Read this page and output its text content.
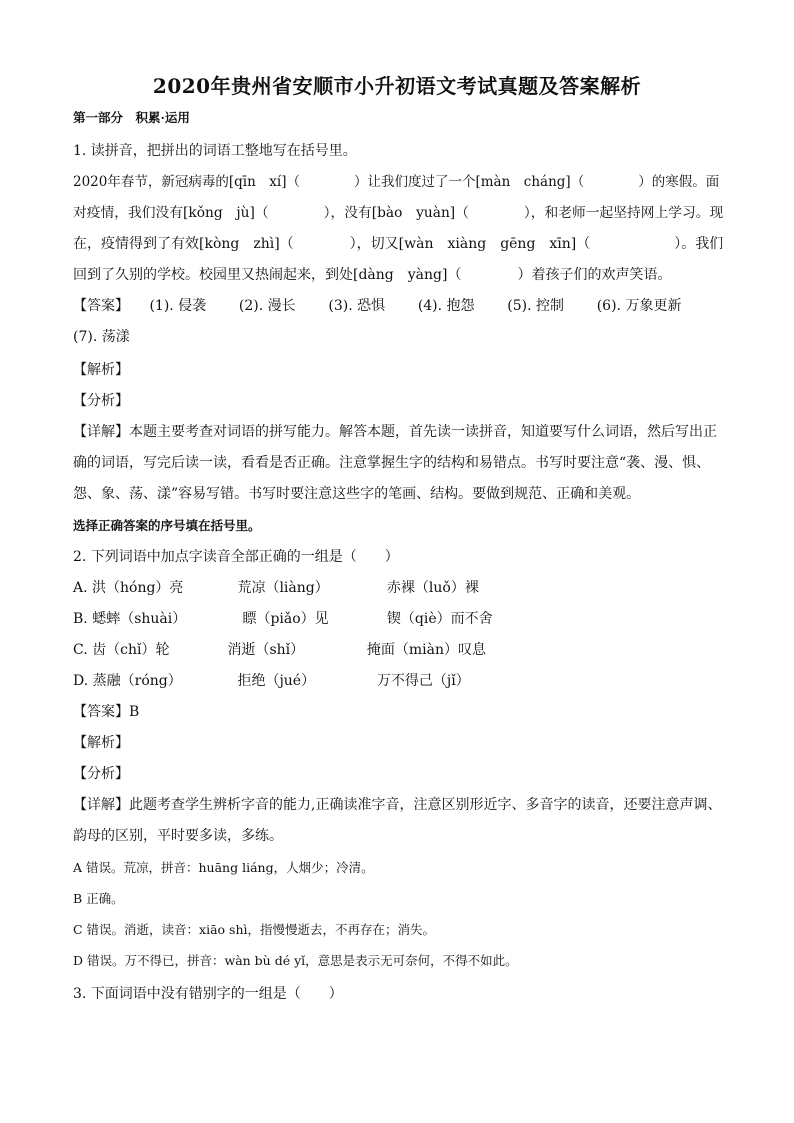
2020年贵州省安顺市小升初语文考试真题及答案解析
第一部分　积累·运用
1. 读拼音，把拼出的词语工整地写在括号里。
2020年春节，新冠病毒的[qīn　xí]（　　　　）让我们度过了一个[màn　cháng]（　　　　）的寒假。面
对疫情，我们没有[kǒng　jù]（　　　　），没有[bào　yuàn]（　　　　），和老师一起坚持网上学习。现
在，疫情得到了有效[kòng　zhì]（　　　　），切又[wàn　xiàng　gēng　xīn]（　　　　　　）。我们
回到了久别的学校。校园里又热闹起来，到处[dàng　yàng]（　　　　）着孩子们的欢声笑语。
【答案】 (1). 侵袭 (2). 漫长 (3). 恐惧 (4). 抱怨 (5). 控制 (6). 万象更新
(7). 荡漾
【解析】
【分析】
【详解】本题主要考查对词语的拼写能力。解答本题，首先读一读拼音，知道要写什么词语，然后写出正
确的词语，写完后读一读，看看是否正确。注意掌握生字的结构和易错点。书写时要注意“袭、漫、惧、
怨、象、荡、漾”容易写错。书写时要注意这些字的笔画、结构。要做到规范、正确和美观。
选择正确答案的序号填在括号里。
2. 下列词语中加点字读音全部正确的一组是（　　）
A. 洪（hóng）亮	荒凉（liàng）	赤裸（luǒ）裸
B. 蟋蟀（shuài）	瞟（piǎo）见	锲（qiè）而不舍
C. 齿（chǐ）轮	消逝（shǐ）	掩面（miàn）叹息
D. 蒸融（róng）	拒绝（jué）	万不得己（jǐ）
【答案】B
【解析】
【分析】
【详解】此题考查学生辨析字音的能力,正确读准字音，注意区别形近字、多音字的读音，还要注意声调、
韵母的区别，平时要多读，多练。
A 错误。荒凉，拼音：huāng liáng，人烟少；冷清。
B 正确。
C 错误。消逝，读音：xiāo shì，指慢慢逝去，不再存在；消失。
D 错误。万不得已，拼音：wàn bù dé yǐ，意思是表示无可奈何，不得不如此。
3. 下面词语中没有错别字的一组是（　　）
